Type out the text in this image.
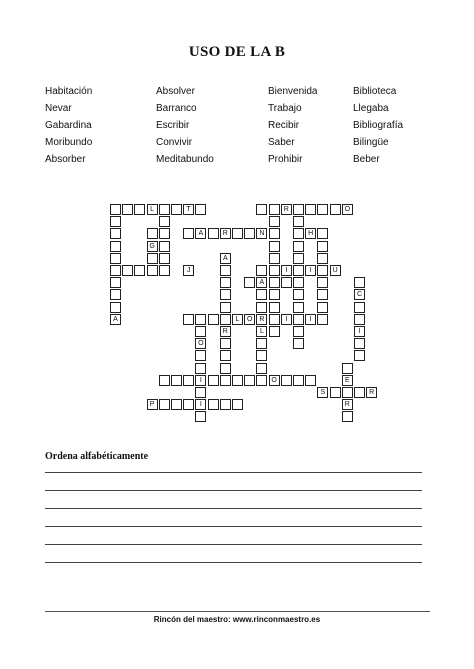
USO DE LA B
Habitación
Nevar
Gabardina
Moribundo
Absorber
Absolver
Barranco
Escribir
Convivir
Meditabundo
Bienvenida
Trabajo
Recibir
Saber
Prohibir
Biblioteca
Llegaba
Bibliografía
Bilingüe
Beber
L	T	R	O
A
G
A	R	N
A
R
A
R
L
I	I	Ü
C
I
L	O	I	I
O
I
I
O	E
R
S	R
P
H
J
Ordena alfabéticamente
Rincón del maestro: www.rinconmaestro.es
